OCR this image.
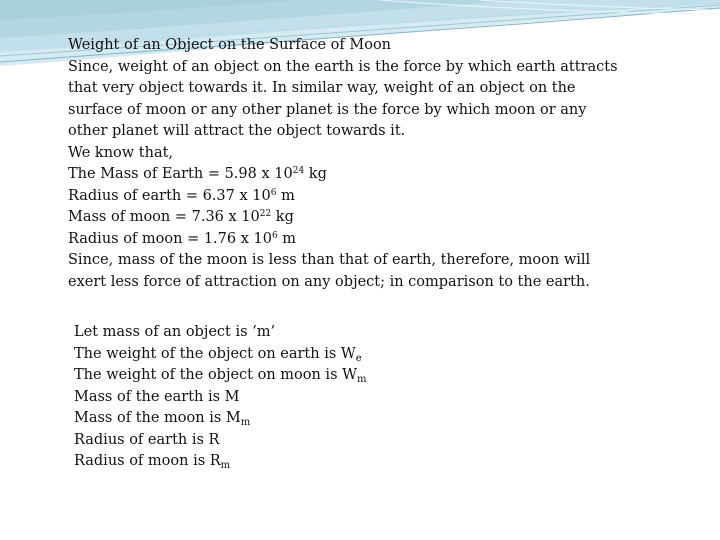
Weight of an Object on the Surface of Moon
Since, weight of an object on the earth is the force by which earth attracts
that very object towards it. In similar way, weight of an object on the
surface of moon or any other planet is the force by which moon or any
other planet will attract the object towards it.
We know that,
The Mass of Earth = 5.98 x $10^{24}$ kg
Radius of earth = 6.37 x $10^6$ m
Mass of moon = 7.36 x $10^{22}$ kg
Radius of moon = 1.76 x $10^6$ m
Since, mass of the moon is less than that of earth, therefore, moon will
exert less force of attraction on any object; in comparison to the earth.
Let mass of an object is ‘m’
The weight of the object on earth is $W_e$
The weight of the object on moon is $W_m$
Mass of the earth is M
Mass of the moon is $M_m$
Radius of earth is R
Radius of moon is $R_m$
